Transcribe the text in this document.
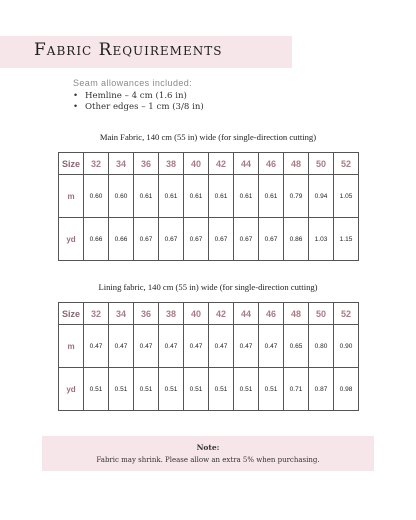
Fabric Requirements
Seam allowances included:
• Hemline – 4 cm (1.6 in)
• Other edges – 1 cm (3/8 in)
Main Fabric, 140 cm (55 in) wide (for single-direction cutting)
Size	32	34	36	38	40	42	44	46	48	50	52
m	0.60	0.60	0.61	0.61	0.61	0.61	0.61	0.61	0.79	0.94	1.05
yd	0.66	0.66	0.67	0.67	0.67	0.67	0.67	0.67	0.86	1.03	1.15
Lining fabric, 140 cm (55 in) wide (for single-direction cutting)
Size	32	34	36	38	40	42	44	46	48	50	52
m	0.47	0.47	0.47	0.47	0.47	0.47	0.47	0.47	0.65	0.80	0.90
yd	0.51	0.51	0.51	0.51	0.51	0.51	0.51	0.51	0.71	0.87	0.98
Note:
Fabric may shrink. Please allow an extra 5% when purchasing.
